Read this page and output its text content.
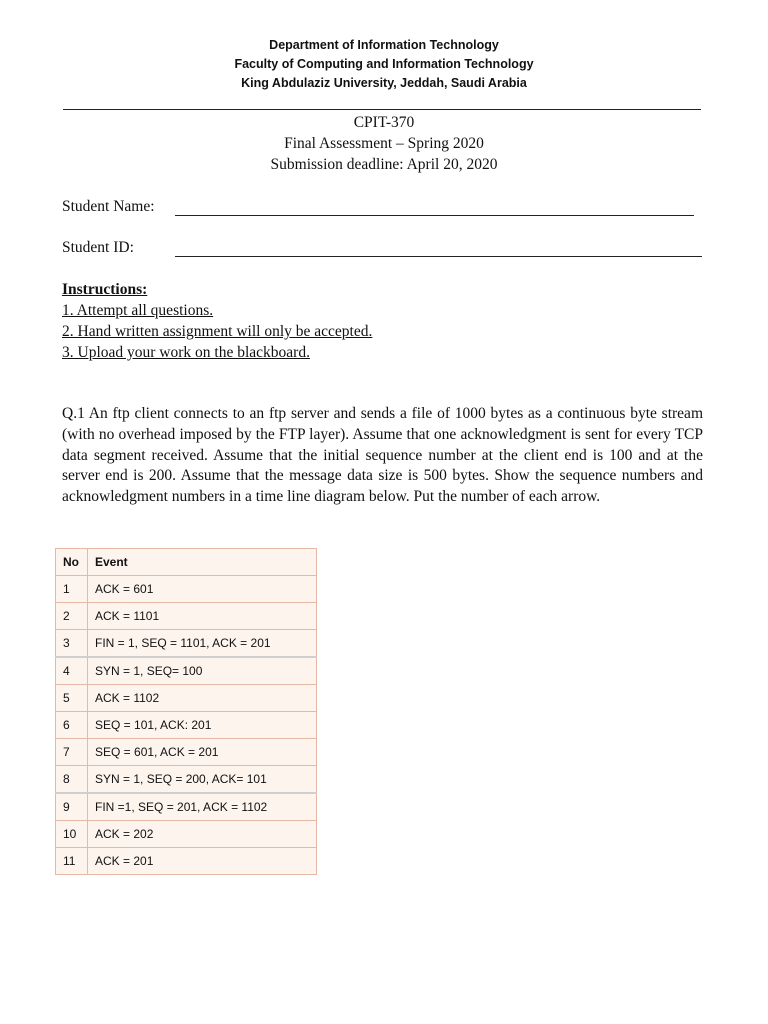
Department of Information Technology
Faculty of Computing and Information Technology
King Abdulaziz University, Jeddah, Saudi Arabia
CPIT-370
Final Assessment – Spring 2020
Submission deadline: April 20, 2020
Student Name:
Student ID:
Instructions:
1. Attempt all questions.
2. Hand written assignment will only be accepted.
3. Upload your work on the blackboard.
Q.1 An ftp client connects to an ftp server and sends a file of 1000 bytes as a continuous byte stream (with no overhead imposed by the FTP layer). Assume that one acknowledgment is sent for every TCP data segment received. Assume that the initial sequence number at the client end is 100 and at the server end is 200. Assume that the message data size is 500 bytes. Show the sequence numbers and acknowledgment numbers in a time line diagram below. Put the number of each arrow.
No	Event
1	ACK = 601
2	ACK = 1101
3	FIN = 1, SEQ = 1101, ACK = 201
4	SYN = 1, SEQ= 100
5	ACK = 1102
6	SEQ = 101, ACK: 201
7	SEQ = 601, ACK = 201
8	SYN = 1, SEQ = 200, ACK= 101
9	FIN =1, SEQ = 201, ACK = 1102
10	ACK = 202
11	ACK = 201
